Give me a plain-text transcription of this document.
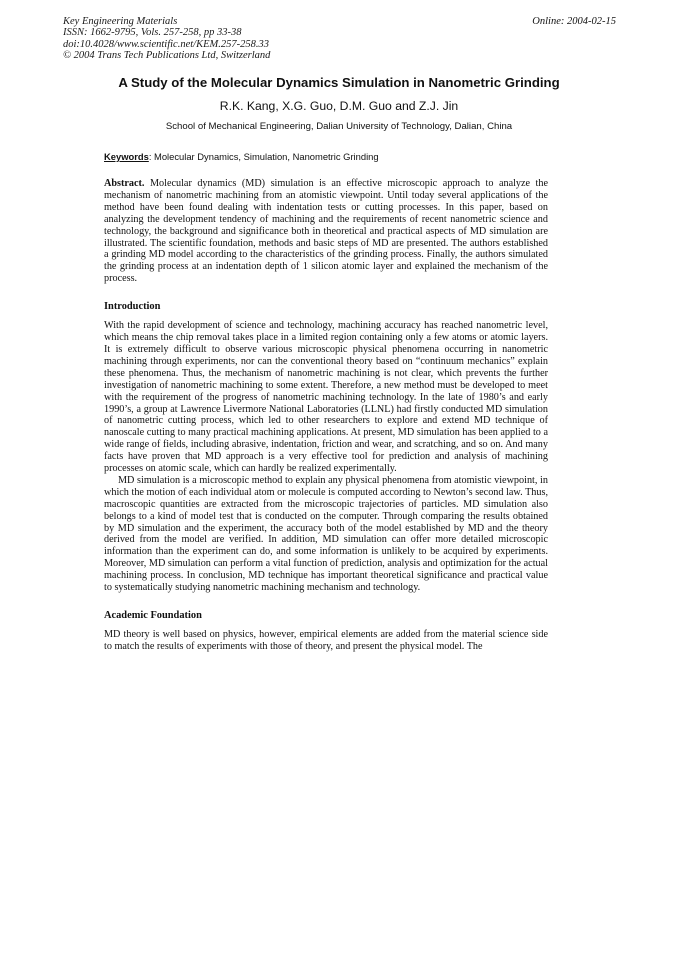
Key Engineering Materials
ISSN: 1662-9795, Vols. 257-258, pp 33-38
doi:10.4028/www.scientific.net/KEM.257-258.33
© 2004 Trans Tech Publications Ltd, Switzerland
Online: 2004-02-15
A Study of the Molecular Dynamics Simulation in Nanometric Grinding
R.K. Kang, X.G. Guo, D.M. Guo and Z.J. Jin
School of Mechanical Engineering, Dalian University of Technology, Dalian, China
Keywords: Molecular Dynamics, Simulation, Nanometric Grinding

Abstract. Molecular dynamics (MD) simulation is an effective microscopic approach to analyze the mechanism of nanometric machining from an atomistic viewpoint. Until today several applications of the method have been found dealing with indentation tests or cutting processes. In this paper, based on analyzing the development tendency of machining and the requirements of recent nanometric science and technology, the background and significance both in theoretical and practical aspects of MD simulation are illustrated. The scientific foundation, methods and basic steps of MD are presented. The authors established a grinding MD model according to the characteristics of the grinding process. Finally, the authors simulated the grinding process at an indentation depth of 1 silicon atomic layer and explained the mechanism of the process.

Introduction

With the rapid development of science and technology, machining accuracy has reached nanometric level, which means the chip removal takes place in a limited region containing only a few atoms or atomic layers. It is extremely difficult to observe various microscopic physical phenomena occurring in nanometric machining through experiments, nor can the conventional theory based on “continuum mechanics” explain these phenomena. Thus, the mechanism of nanometric machining is not clear, which prevents the further investigation of nanometric machining to some extent. Therefore, a new method must be developed to meet with the requirement of the progress of nanometric machining technology. In the late of 1980’s and early 1990’s, a group at Lawrence Livermore National Laboratories (LLNL) had firstly conducted MD simulation of nanometric cutting process, which led to other researchers to explore and extend MD technique of nanoscale cutting to many practical machining applications. At present, MD simulation has been applied to a wide range of fields, including abrasive, indentation, friction and wear, and scratching, and so on. And many facts have proven that MD approach is a very effective tool for prediction and analysis of machining processes on atomic scale, which can hardly be realized experimentally.

MD simulation is a microscopic method to explain any physical phenomena from atomistic viewpoint, in which the motion of each individual atom or molecule is computed according to Newton’s second law. Thus, macroscopic quantities are extracted from the microscopic trajectories of particles. MD simulation also belongs to a kind of model test that is conducted on the computer. Through comparing the results obtained by MD simulation and the experiment, the accuracy both of the model established by MD and the theory derived from the model are verified. In addition, MD simulation can offer more detailed microscopic information than the experiment can do, and some information is unlikely to be acquired by experiments. Moreover, MD simulation can perform a vital function of prediction, analysis and optimization for the actual machining process. In conclusion, MD technique has important theoretical significance and practical value to systematically studying nanometric machining mechanism and technology.

Academic Foundation

MD theory is well based on physics, however, empirical elements are added from the material science side to match the results of experiments with those of theory, and present the physical model. The
